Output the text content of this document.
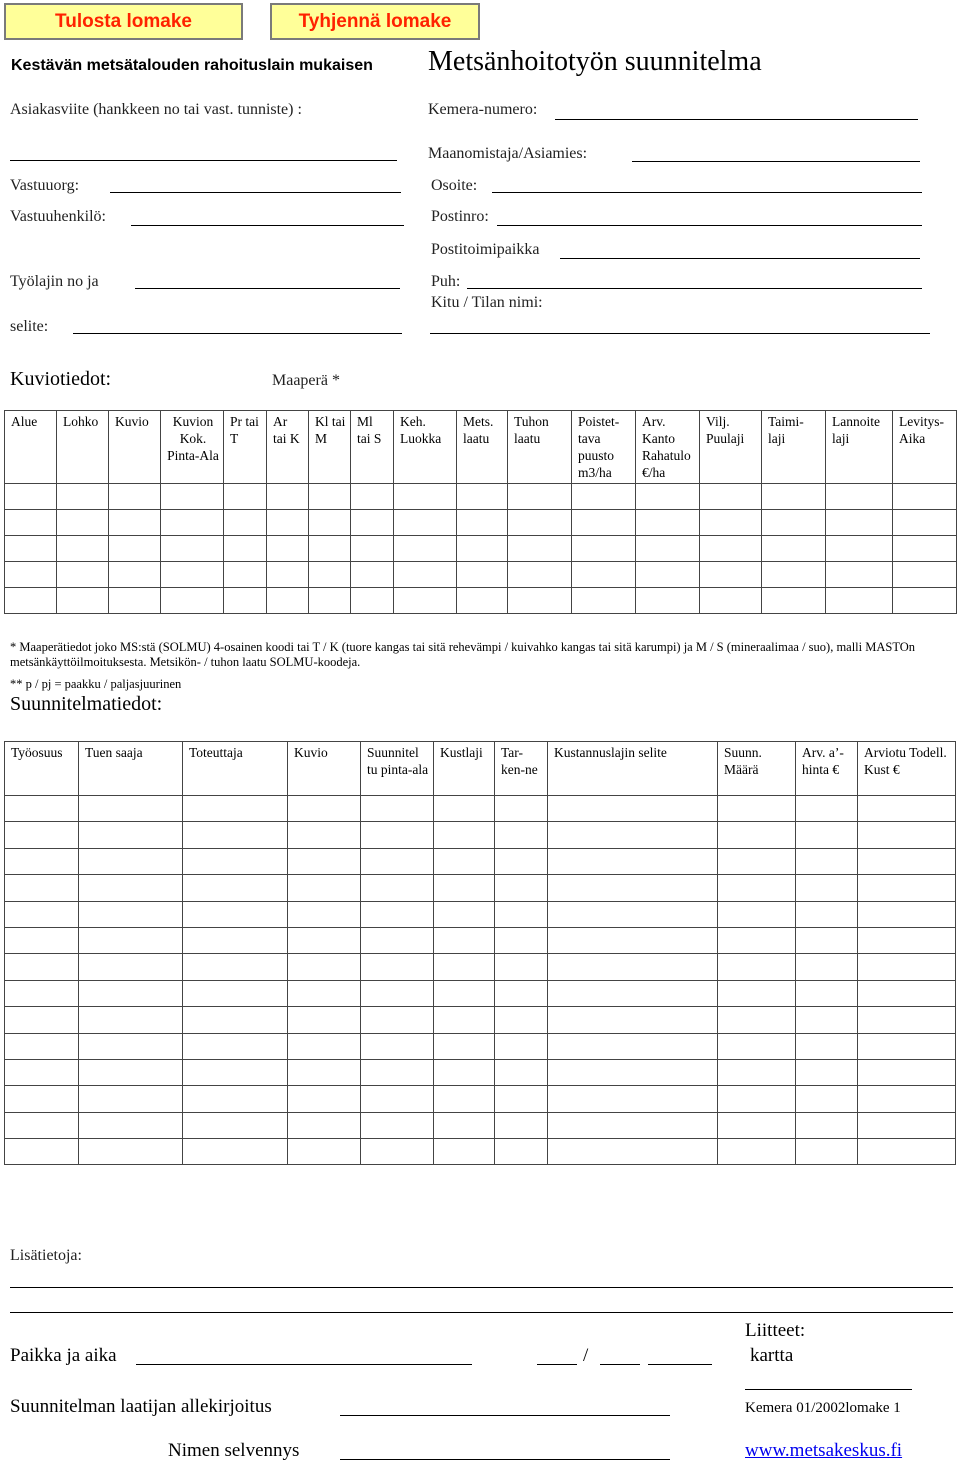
Tulosta lomake	Tyhjennä lomake
Kestävän metsätalouden rahoituslain mukaisen Metsänhoitotyön suunnitelma
Asiakasviite (hankkeen no tai vast. tunniste) :
Vastuuorg:
Vastuuhenkilö:
Työlajin no ja
selite:
Kemera-numero:
Maanomistaja/Asiamies:
Osoite:
Postinro:
Postitoimipaikka
Puh:
Kitu / Tilan nimi:
Kuviotiedot:	Maaperä *
Alue	Lohko	Kuvio	Kuvion Kok. Pinta-Ala	Pr tai T	Ar tai K	Kl tai M	Ml tai S	Keh. Luokka	Mets. laatu	Tuhon laatu	Poistet-tava puusto m3/ha	Arv. Kanto Rahatulo €/ha	Vilj. Puulaji	Taimi-laji	Lannoite laji	Levitys-Aika

* Maaperätiedot joko MS:stä (SOLMU) 4-osainen koodi tai T / K (tuore kangas tai sitä rehevämpi / kuivahko kangas tai sitä karumpi) ja M / S (mineraalimaa / suo), malli MASTOn metsänkäyttöilmoituksesta. Metsikön- / tuhon laatu SOLMU-koodeja.
** p / pj = paakku / paljasjuurinen
Suunnitelmatiedot:
Työosuus	Tuen saaja	Toteuttaja	Kuvio	Suunnitel tu pinta-ala	Kustlaji	Tar-ken-ne	Kustannuslajin selite	Suunn. Määrä	Arv. a’-hinta €	Arviotu Todell. Kust €

Lisätietoja:
Liitteet:
Paikka ja aika	/	kartta
Suunnitelman laatijan allekirjoitus	Kemera 01/2002lomake 1
Nimen selvennys	www.metsakeskus.fi
